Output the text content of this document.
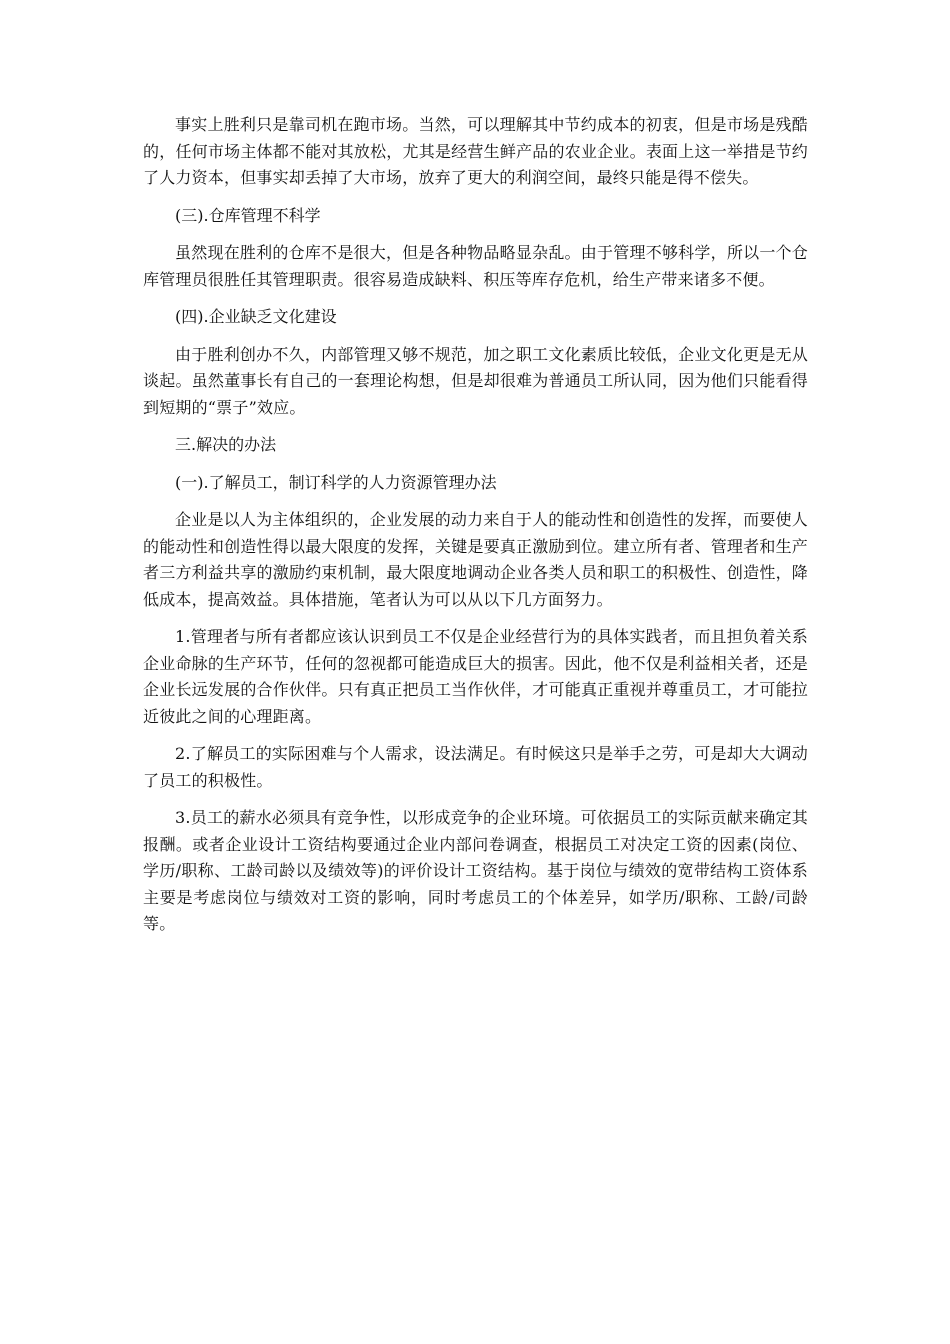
事实上胜利只是靠司机在跑市场。当然，可以理解其中节约成本的初衷，但是市场是残酷的，任何市场主体都不能对其放松，尤其是经营生鲜产品的农业企业。表面上这一举措是节约了人力资本，但事实却丢掉了大市场，放弃了更大的利润空间，最终只能是得不偿失。

(三).仓库管理不科学

虽然现在胜利的仓库不是很大，但是各种物品略显杂乱。由于管理不够科学，所以一个仓库管理员很胜任其管理职责。很容易造成缺料、积压等库存危机，给生产带来诸多不便。

(四).企业缺乏文化建设

由于胜利创办不久，内部管理又够不规范，加之职工文化素质比较低，企业文化更是无从谈起。虽然董事长有自己的一套理论构想，但是却很难为普通员工所认同，因为他们只能看得到短期的“票子”效应。

三.解决的办法

(一).了解员工，制订科学的人力资源管理办法

企业是以人为主体组织的，企业发展的动力来自于人的能动性和创造性的发挥，而要使人的能动性和创造性得以最大限度的发挥，关键是要真正激励到位。建立所有者、管理者和生产者三方利益共享的激励约束机制，最大限度地调动企业各类人员和职工的积极性、创造性，降低成本，提高效益。具体措施，笔者认为可以从以下几方面努力。

1.管理者与所有者都应该认识到员工不仅是企业经营行为的具体实践者，而且担负着关系企业命脉的生产环节，任何的忽视都可能造成巨大的损害。因此，他不仅是利益相关者，还是企业长远发展的合作伙伴。只有真正把员工当作伙伴，才可能真正重视并尊重员工，才可能拉近彼此之间的心理距离。

2.了解员工的实际困难与个人需求，设法满足。有时候这只是举手之劳，可是却大大调动了员工的积极性。

3.员工的薪水必须具有竞争性，以形成竞争的企业环境。可依据员工的实际贡献来确定其报酬。或者企业设计工资结构要通过企业内部问卷调查，根据员工对决定工资的因素(岗位、学历/职称、工龄司龄以及绩效等)的评价设计工资结构。基于岗位与绩效的宽带结构工资体系主要是考虑岗位与绩效对工资的影响，同时考虑员工的个体差异，如学历/职称、工龄/司龄等。
